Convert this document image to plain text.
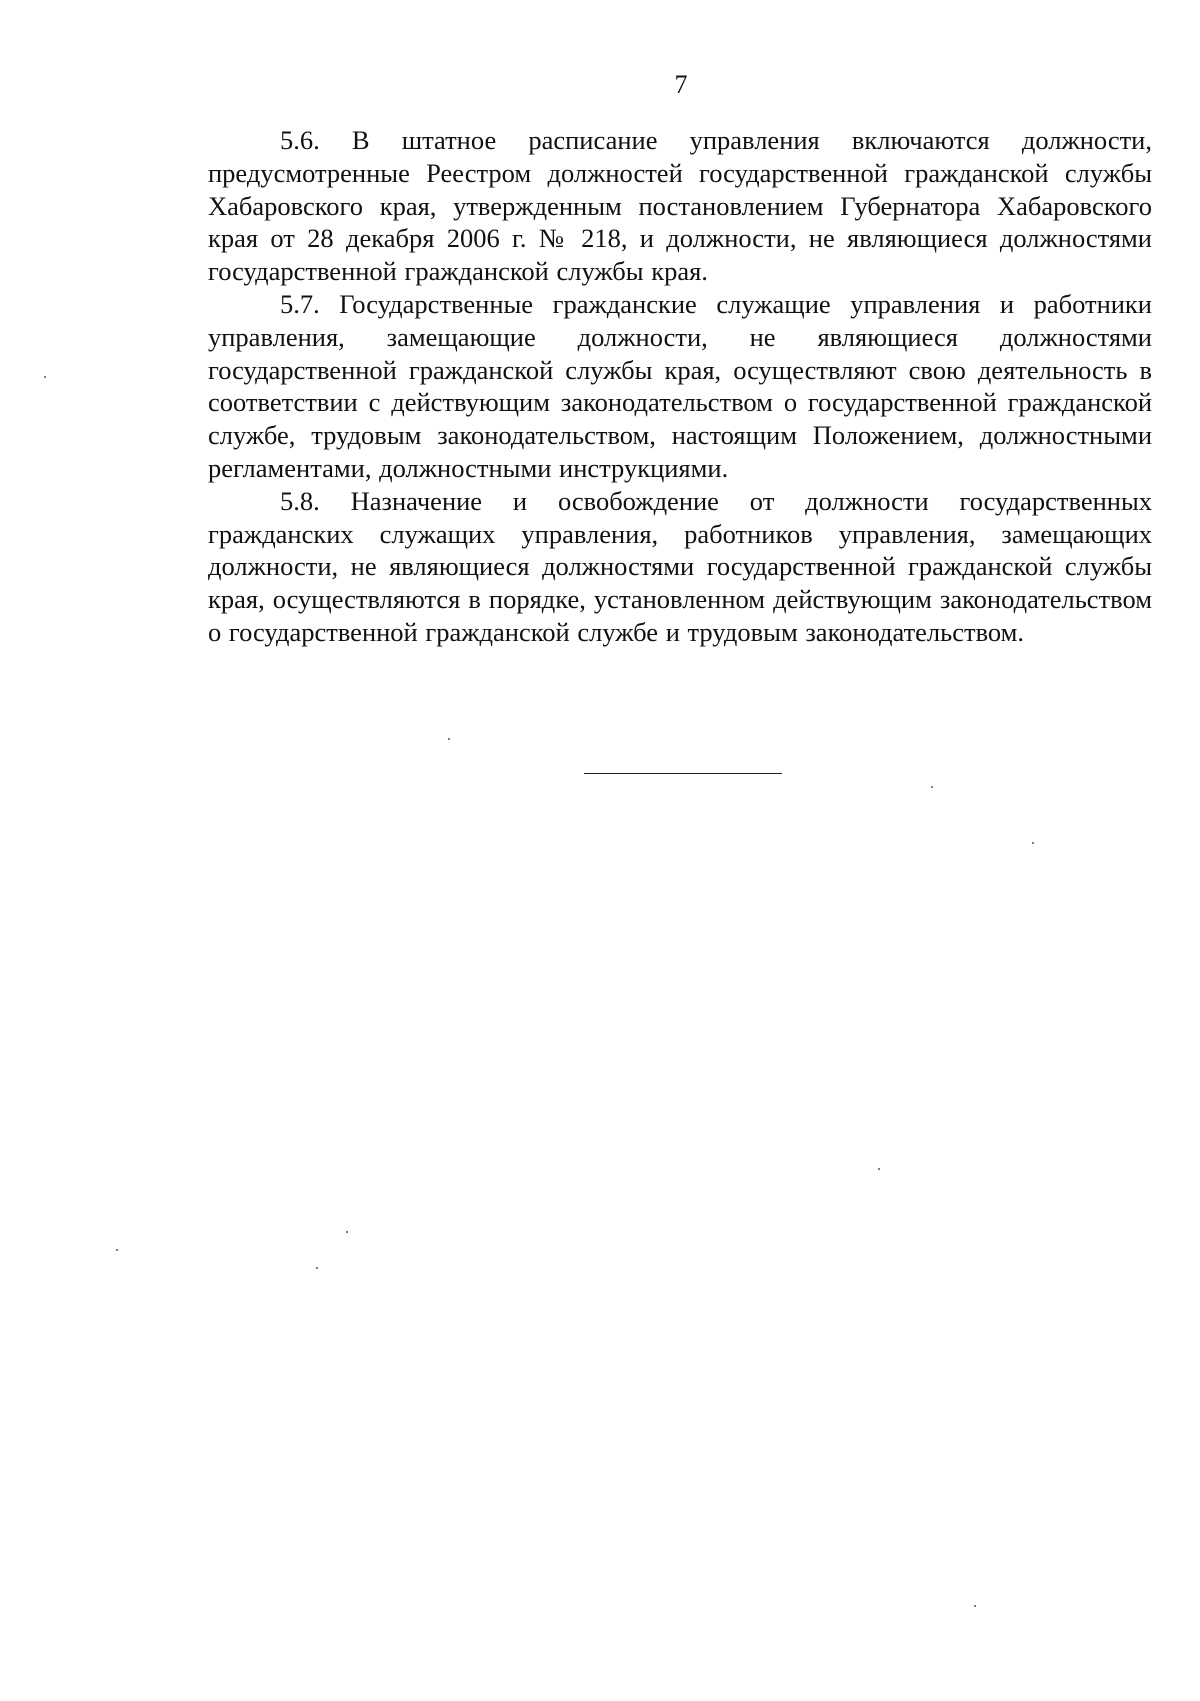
7

5.6. В штатное расписание управления включаются должности, предусмотренные Реестром должностей государственной гражданской службы Хабаровского края, утвержденным постановлением Губернатора Хабаровского края от 28 декабря 2006 г. № 218, и должности, не являющиеся должностями государственной гражданской службы края.

5.7. Государственные гражданские служащие управления и работники управления, замещающие должности, не являющиеся должностями государственной гражданской службы края, осуществляют свою деятельность в соответствии с действующим законодательством о государственной гражданской службе, трудовым законодательством, настоящим Положением, должностными регламентами, должностными инструкциями.

5.8. Назначение и освобождение от должности государственных гражданских служащих управления, работников управления, замещающих должности, не являющиеся должностями государственной гражданской службы края, осуществляются в порядке, установленном действующим законодательством о государственной гражданской службе и трудовым законодательством.
